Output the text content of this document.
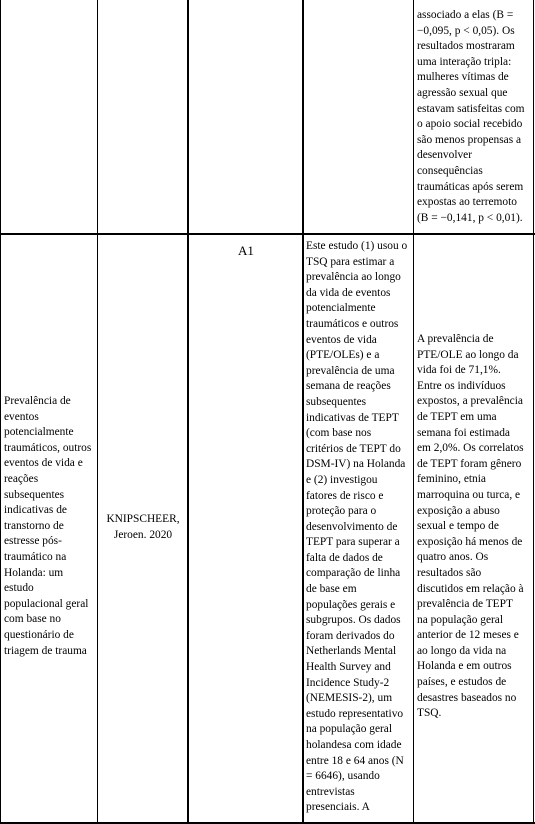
associado a elas (B =
−0,095, p < 0,05). Os
resultados mostraram
uma interação tripla:
mulheres vítimas de
agressão sexual que
estavam satisfeitas com
o apoio social recebido
são menos propensas a
desenvolver
consequências
traumáticas após serem
expostas ao terremoto
(B = −0,141, p < 0,01).

Prevalência de
eventos
potencialmente
traumáticos, outros
eventos de vida e
reações
subsequentes
indicativas de
transtorno de
estresse pós-
traumático na
Holanda: um
estudo
populacional geral
com base no
questionário de
triagem de trauma

KNIPSCHEER,
Jeroen. 2020

A1	Este estudo (1) usou o
TSQ para estimar a
prevalência ao longo
da vida de eventos
potencialmente
traumáticos e outros
eventos de vida
(PTE/OLEs) e a
prevalência de uma
semana de reações
subsequentes
indicativas de TEPT
(com base nos
critérios de TEPT do
DSM-IV) na Holanda
e (2) investigou
fatores de risco e
proteção para o
desenvolvimento de
TEPT para superar a
falta de dados de
comparação de linha
de base em
populações gerais e
subgrupos. Os dados
foram derivados do
Netherlands Mental
Health Survey and
Incidence Study-2
(NEMESIS-2), um
estudo representativo
na população geral
holandesa com idade
entre 18 e 64 anos (N
= 6646), usando
entrevistas
presenciais. A

A prevalência de
PTE/OLE ao longo da
vida foi de 71,1%.
Entre os indivíduos
expostos, a prevalência
de TEPT em uma
semana foi estimada
em 2,0%. Os correlatos
de TEPT foram gênero
feminino, etnia
marroquina ou turca, e
exposição a abuso
sexual e tempo de
exposição há menos de
quatro anos. Os
resultados são
discutidos em relação à
prevalência de TEPT
na população geral
anterior de 12 meses e
ao longo da vida na
Holanda e em outros
países, e estudos de
desastres baseados no
TSQ.
